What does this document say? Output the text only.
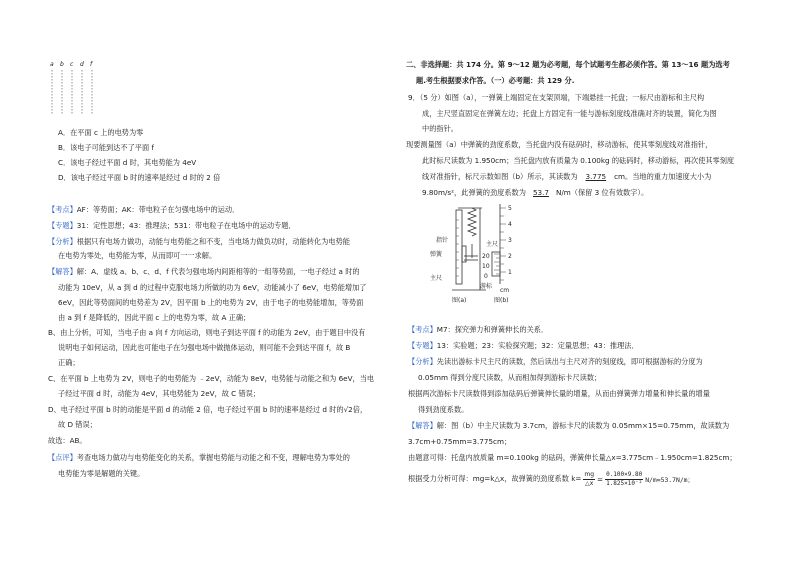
a b c d f
A．在平面 c 上的电势为零
B．该电子可能到达不了平面 f
C．该电子经过平面 d 时，其电势能为 4eV
D．该电子经过平面 b 时的速率是经过 d 时的 2 倍
【考点】AF：等势面；AK：带电粒子在匀强电场中的运动．
【专题】31：定性思想；43：推理法；531：带电粒子在电场中的运动专题．
【分析】根据只有电场力做功，动能与电势能之和不变，当电场力做负功时，动能转化为电势能
在电势为零处，电势能为零，从而即可一一求解。
【解答】解：A、虚线 a、b、c、d、f 代表匀强电场内间距相等的一组等势面，一电子经过 a 时的
动能为 10eV，从 a 到 d 的过程中克服电场力所做的功为 6eV，动能减小了 6eV，电势能增加了
6eV，因此等势面间的电势差为 2V，因平面 b 上的电势为 2V，由于电子的电势能增加，等势面
由 a 到 f 是降低的，因此平面 c 上的电势为零，故 A 正确；
B、由上分析，可知，当电子由 a 向 f 方向运动，则电子到达平面 f 的动能为 2eV，由于题目中没有
说明电子如何运动，因此也可能电子在匀强电场中做抛体运动，则可能不会到达平面 f，故 B
正确；
C、在平面 b 上电势为 2V，则电子的电势能为 ﹣2eV，动能为 8eV，电势能与动能之和为 6eV，当电
子经过平面 d 时，动能为 4eV，其电势能为 2eV，故 C 错误；
D、电子经过平面 b 时的动能是平面 d 的动能 2 倍，电子经过平面 b 时的速率是经过 d 时的√2倍，
故 D 错误；
故选：AB。
【点评】考查电场力做功与电势能变化的关系，掌握电势能与动能之和不变，理解电势为零处的
电势能为零是解题的关键。
二、非选择题：共 174 分。第 9～12 题为必考题，每个试题考生都必须作答。第 13～16 题为选考
题.考生根据要求作答。（一）必考题：共 129 分.
9．（5 分）如图（a），一弹簧上端固定在支架顶端，下端悬挂一托盘；一标尺由游标和主尺构
成，主尺竖直固定在弹簧左边；托盘上方固定有一能与游标刻度线准确对齐的装置，简化为图
中的指针。
现要测量图（a）中弹簧的劲度系数，当托盘内没有砝码时，移动游标，使其零刻度线对准指针，
此时标尺读数为 1.950cm；当托盘内放有质量为 0.100kg 的砝码时，移动游标，再次使其零刻度
线对准指针，标尺示数如图（b）所示，其读数为 3.775 cm。当地的重力加速度大小为
9.80m/s²，此弹簧的劲度系数为 53.7 N/m（保留 3 位有效数字）。
指针
弹簧
主尺
游标
主尺
cm
5
4
3
2
1
20
10
0
图(a)	图(b)
【考点】M7：探究弹力和弹簧伸长的关系．
【专题】13：实验题；23：实验探究题；32：定量思想；43：推理法．
【分析】先读出游标卡尺主尺的读数，然后读出与主尺对齐的刻度线，即可根据游标的分度为
0.05mm 得到分度尺读数，从而相加得到游标卡尺读数；
根据两次游标卡尺读数得到添加砝码后弹簧伸长量的增量，从而由弹簧弹力增量和伸长量的增量
得到劲度系数。
【解答】解：图（b）中主尺读数为 3.7cm，游标卡尺的读数为 0.05mm×15=0.75mm，故读数为
3.7cm+0.75mm=3.775cm；
由题意可得：托盘内放质量 m=0.100kg 的砝码，弹簧伸长量△x=3.775cm﹣1.950cm=1.825cm；
根据受力分析可得：mg=k△x，故弹簧的劲度系数 $k= \frac{mg}{\triangle x} = \frac{0.100\times 9.80}{\text{1.825×10⁻²}} N/m=53.7N/m$；
